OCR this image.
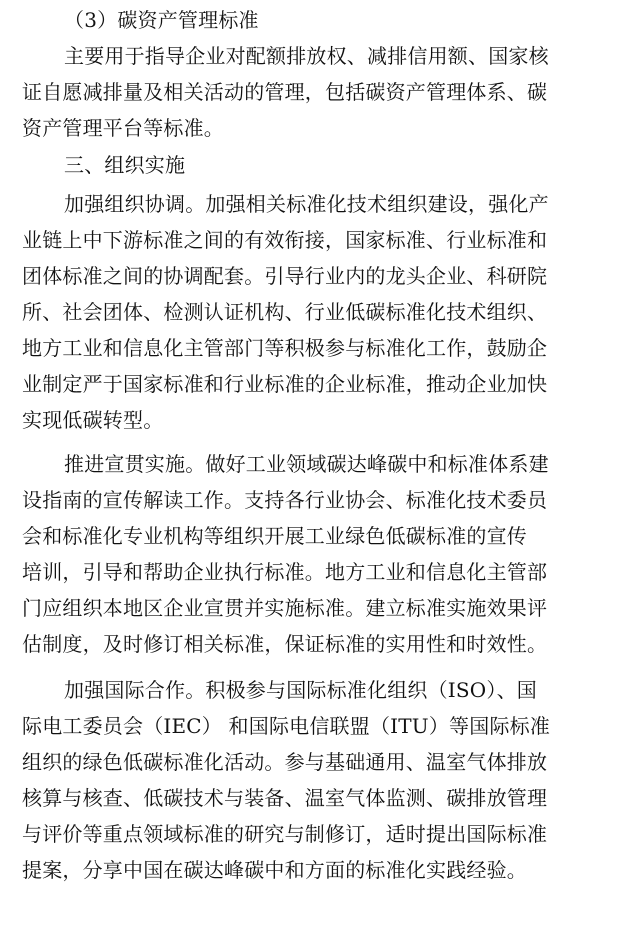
（3）碳资产管理标准
主要用于指导企业对配额排放权、减排信用额、国家核
证自愿减排量及相关活动的管理，包括碳资产管理体系、碳
资产管理平台等标准。
三、组织实施
加强组织协调。加强相关标准化技术组织建设，强化产
业链上中下游标准之间的有效衔接，国家标准、行业标准和
团体标准之间的协调配套。引导行业内的龙头企业、科研院
所、社会团体、检测认证机构、行业低碳标准化技术组织、
地方工业和信息化主管部门等积极参与标准化工作，鼓励企
业制定严于国家标准和行业标准的企业标准，推动企业加快
实现低碳转型。
推进宣贯实施。做好工业领域碳达峰碳中和标准体系建
设指南的宣传解读工作。支持各行业协会、标准化技术委员
会和标准化专业机构等组织开展工业绿色低碳标准的宣传
培训，引导和帮助企业执行标准。地方工业和信息化主管部
门应组织本地区企业宣贯并实施标准。建立标准实施效果评
估制度，及时修订相关标准，保证标准的实用性和时效性。
加强国际合作。积极参与国际标准化组织（ISO）、国
际电工委员会（IEC） 和国际电信联盟（ITU）等国际标准
组织的绿色低碳标准化活动。参与基础通用、温室气体排放
核算与核查、低碳技术与装备、温室气体监测、碳排放管理
与评价等重点领域标准的研究与制修订，适时提出国际标准
提案，分享中国在碳达峰碳中和方面的标准化实践经验。
